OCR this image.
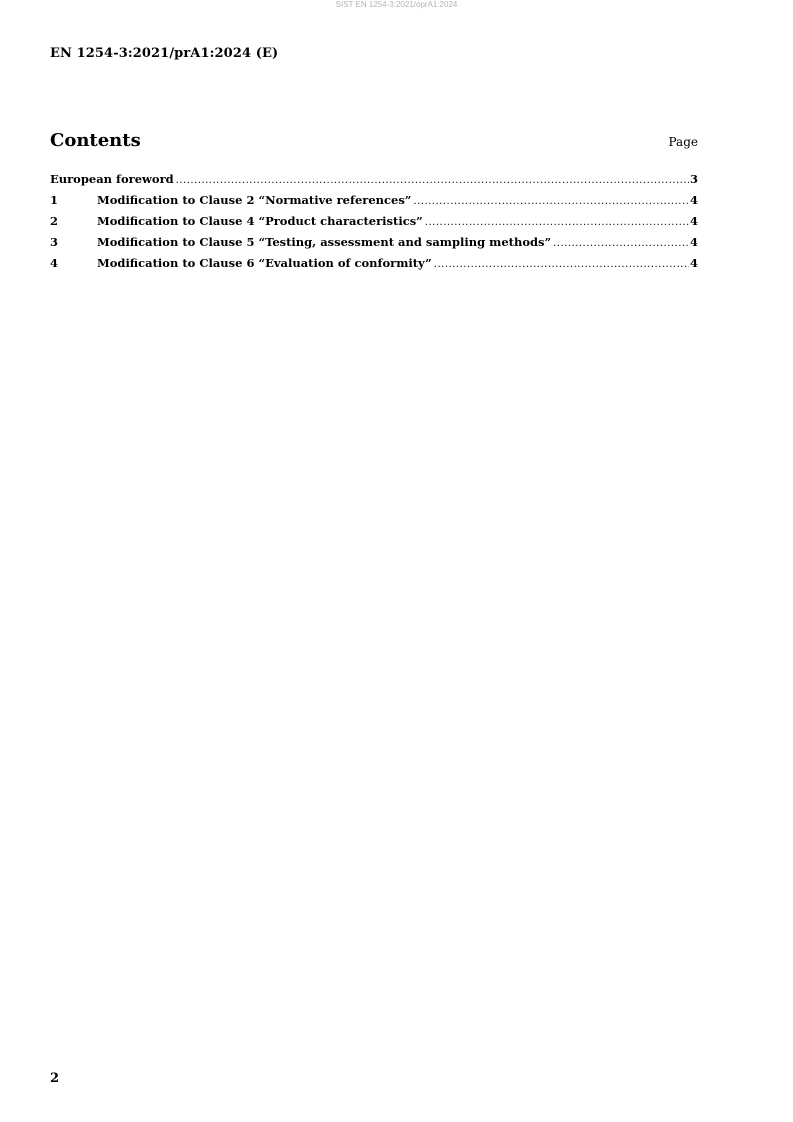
SIST EN 1254-3:2021/oprA1:2024
EN 1254-3:2021/prA1:2024 (E)
Contents	Page
European foreword .....	3
1	Modification to Clause 2 “Normative references” .....	4
2	Modification to Clause 4 “Product characteristics” .....	4
3	Modification to Clause 5 “Testing, assessment and sampling methods” .....	4
4	Modification to Clause 6 “Evaluation of conformity” .....	4
2
